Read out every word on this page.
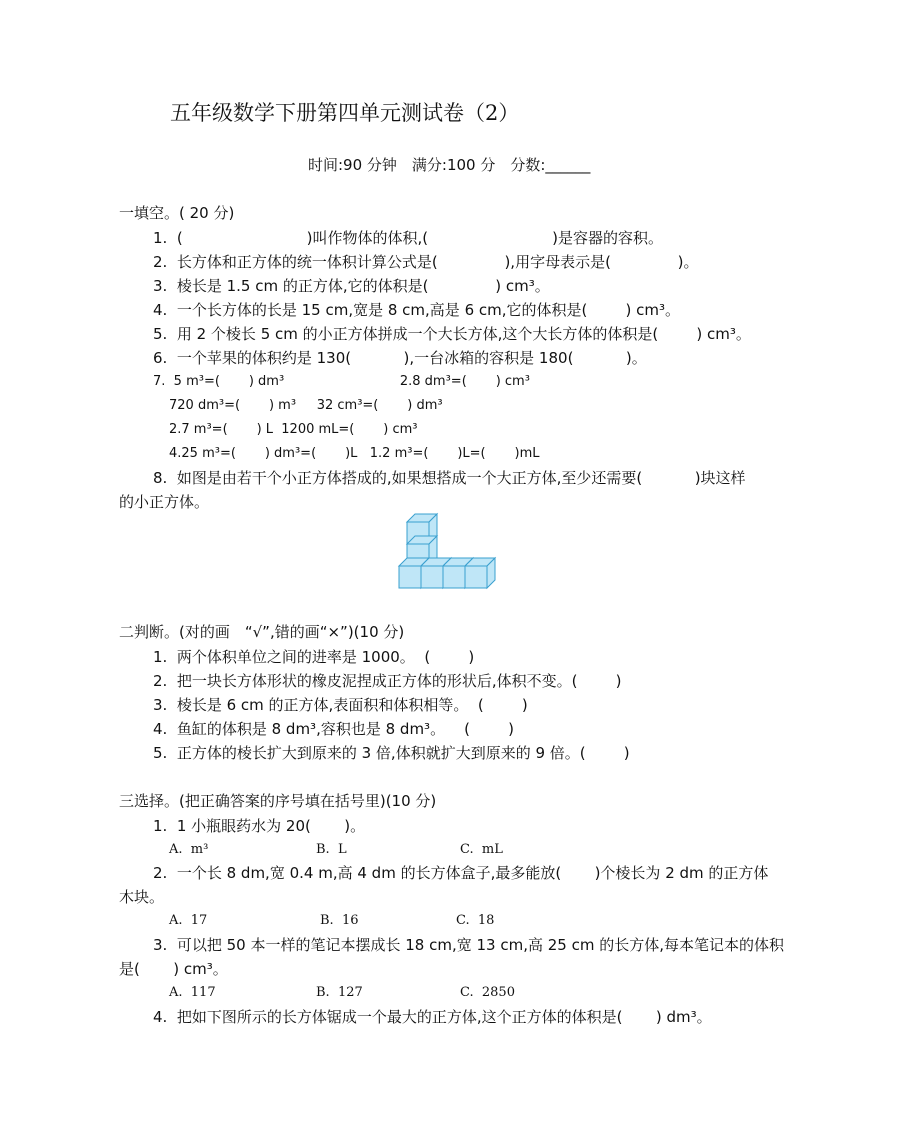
五年级数学下册第四单元测试卷（2）
时间:90 分钟　满分:100 分　分数:______
一填空。( 20 分)
1.  (                          )叫作物体的体积,(                          )是容器的容积。
2.  长方体和正方体的统一体积计算公式是(              ),用字母表示是(              )。
3.  棱长是 1.5 cm 的正方体,它的体积是(              ) cm³。
4.  一个长方体的长是 15 cm,宽是 8 cm,高是 6 cm,它的体积是(        ) cm³。
5.  用 2 个棱长 5 cm 的小正方体拼成一个大长方体,这个大长方体的体积是(        ) cm³。
6.  一个苹果的体积约是 130(           ),一台冰箱的容积是 180(           )。
7.  5 m³=(       ) dm³                            2.8 dm³=(       ) cm³
720 dm³=(       ) m³     32 cm³=(       ) dm³
2.7 m³=(       ) L  1200 mL=(       ) cm³
4.25 m³=(       ) dm³=(       )L   1.2 m³=(       )L=(       )mL
8.  如图是由若干个小正方体搭成的,如果想搭成一个大正方体,至少还需要(           )块这样
的小正方体。
二判断。(对的画　“√”,错的画“×”)(10 分)
1.  两个体积单位之间的进率是 1000。  (        )
2.  把一块长方体形状的橡皮泥捏成正方体的形状后,体积不变。(        )
3.  棱长是 6 cm 的正方体,表面积和体积相等。  (        )
4.  鱼缸的体积是 8 dm³,容积也是 8 dm³。    (        )
5.  正方体的棱长扩大到原来的 3 倍,体积就扩大到原来的 9 倍。(        )
三选择。(把正确答案的序号填在括号里)(10 分)
1.  1 小瓶眼药水为 20(       )。
A.  m³	B.  L	C.  mL
2.  一个长 8 dm,宽 0.4 m,高 4 dm 的长方体盒子,最多能放(       )个棱长为 2 dm 的正方体
木块。
A.  17	B.  16	C.  18
3.  可以把 50 本一样的笔记本摆成长 18 cm,宽 13 cm,高 25 cm 的长方体,每本笔记本的体积
是(       ) cm³。
A.  117	B.  127	C.  2850
4.  把如下图所示的长方体锯成一个最大的正方体,这个正方体的体积是(       ) dm³。
